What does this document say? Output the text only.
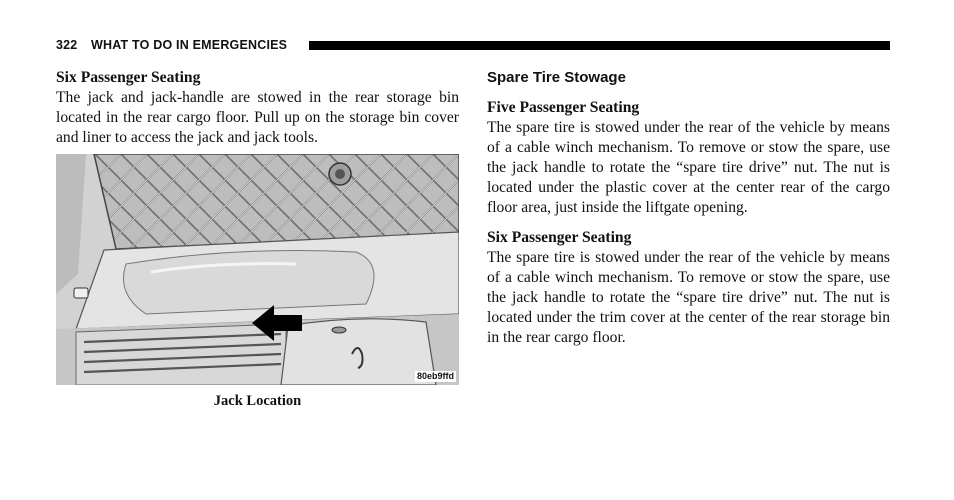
322 WHAT TO DO IN EMERGENCIES

Six Passenger Seating

The jack and jack-handle are stowed in the rear storage bin located in the rear cargo floor. Pull up on the storage bin cover and liner to access the jack and jack tools.

80eb9ffd
Jack Location

Spare Tire Stowage

Five Passenger Seating

The spare tire is stowed under the rear of the vehicle by means of a cable winch mechanism. To remove or stow the spare, use the jack handle to rotate the “spare tire drive” nut. The nut is located under the plastic cover at the center rear of the cargo floor area, just inside the liftgate opening.

Six Passenger Seating

The spare tire is stowed under the rear of the vehicle by means of a cable winch mechanism. To remove or stow the spare, use the jack handle to rotate the “spare tire drive” nut. The nut is located under the trim cover at the center of the rear storage bin in the rear cargo floor.
